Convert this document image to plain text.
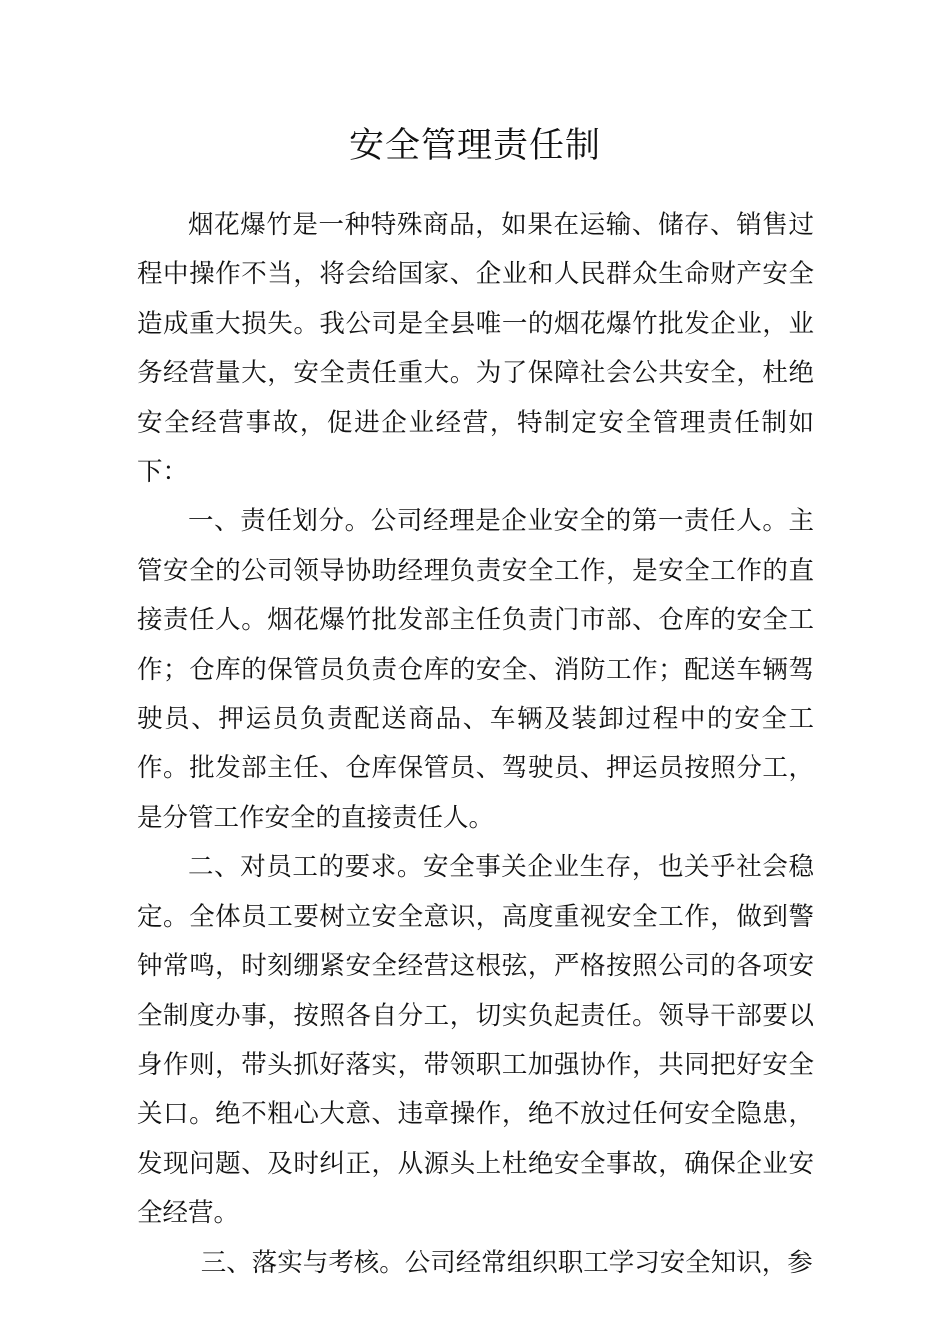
安全管理责任制

烟花爆竹是一种特殊商品，如果在运输、储存、销售过程中操作不当，将会给国家、企业和人民群众生命财产安全造成重大损失。我公司是全县唯一的烟花爆竹批发企业，业务经营量大，安全责任重大。为了保障社会公共安全，杜绝安全经营事故，促进企业经营，特制定安全管理责任制如下：

一、责任划分。公司经理是企业安全的第一责任人。主管安全的公司领导协助经理负责安全工作，是安全工作的直接责任人。烟花爆竹批发部主任负责门市部、仓库的安全工作；仓库的保管员负责仓库的安全、消防工作；配送车辆驾驶员、押运员负责配送商品、车辆及装卸过程中的安全工作。批发部主任、仓库保管员、驾驶员、押运员按照分工，是分管工作安全的直接责任人。

二、对员工的要求。安全事关企业生存，也关乎社会稳定。全体员工要树立安全意识，高度重视安全工作，做到警钟常鸣，时刻绷紧安全经营这根弦，严格按照公司的各项安全制度办事，按照各自分工，切实负起责任。领导干部要以身作则，带头抓好落实，带领职工加强协作，共同把好安全关口。绝不粗心大意、违章操作，绝不放过任何安全隐患，发现问题、及时纠正，从源头上杜绝安全事故，确保企业安全经营。

三、落实与考核。公司经常组织职工学习安全知识，参
